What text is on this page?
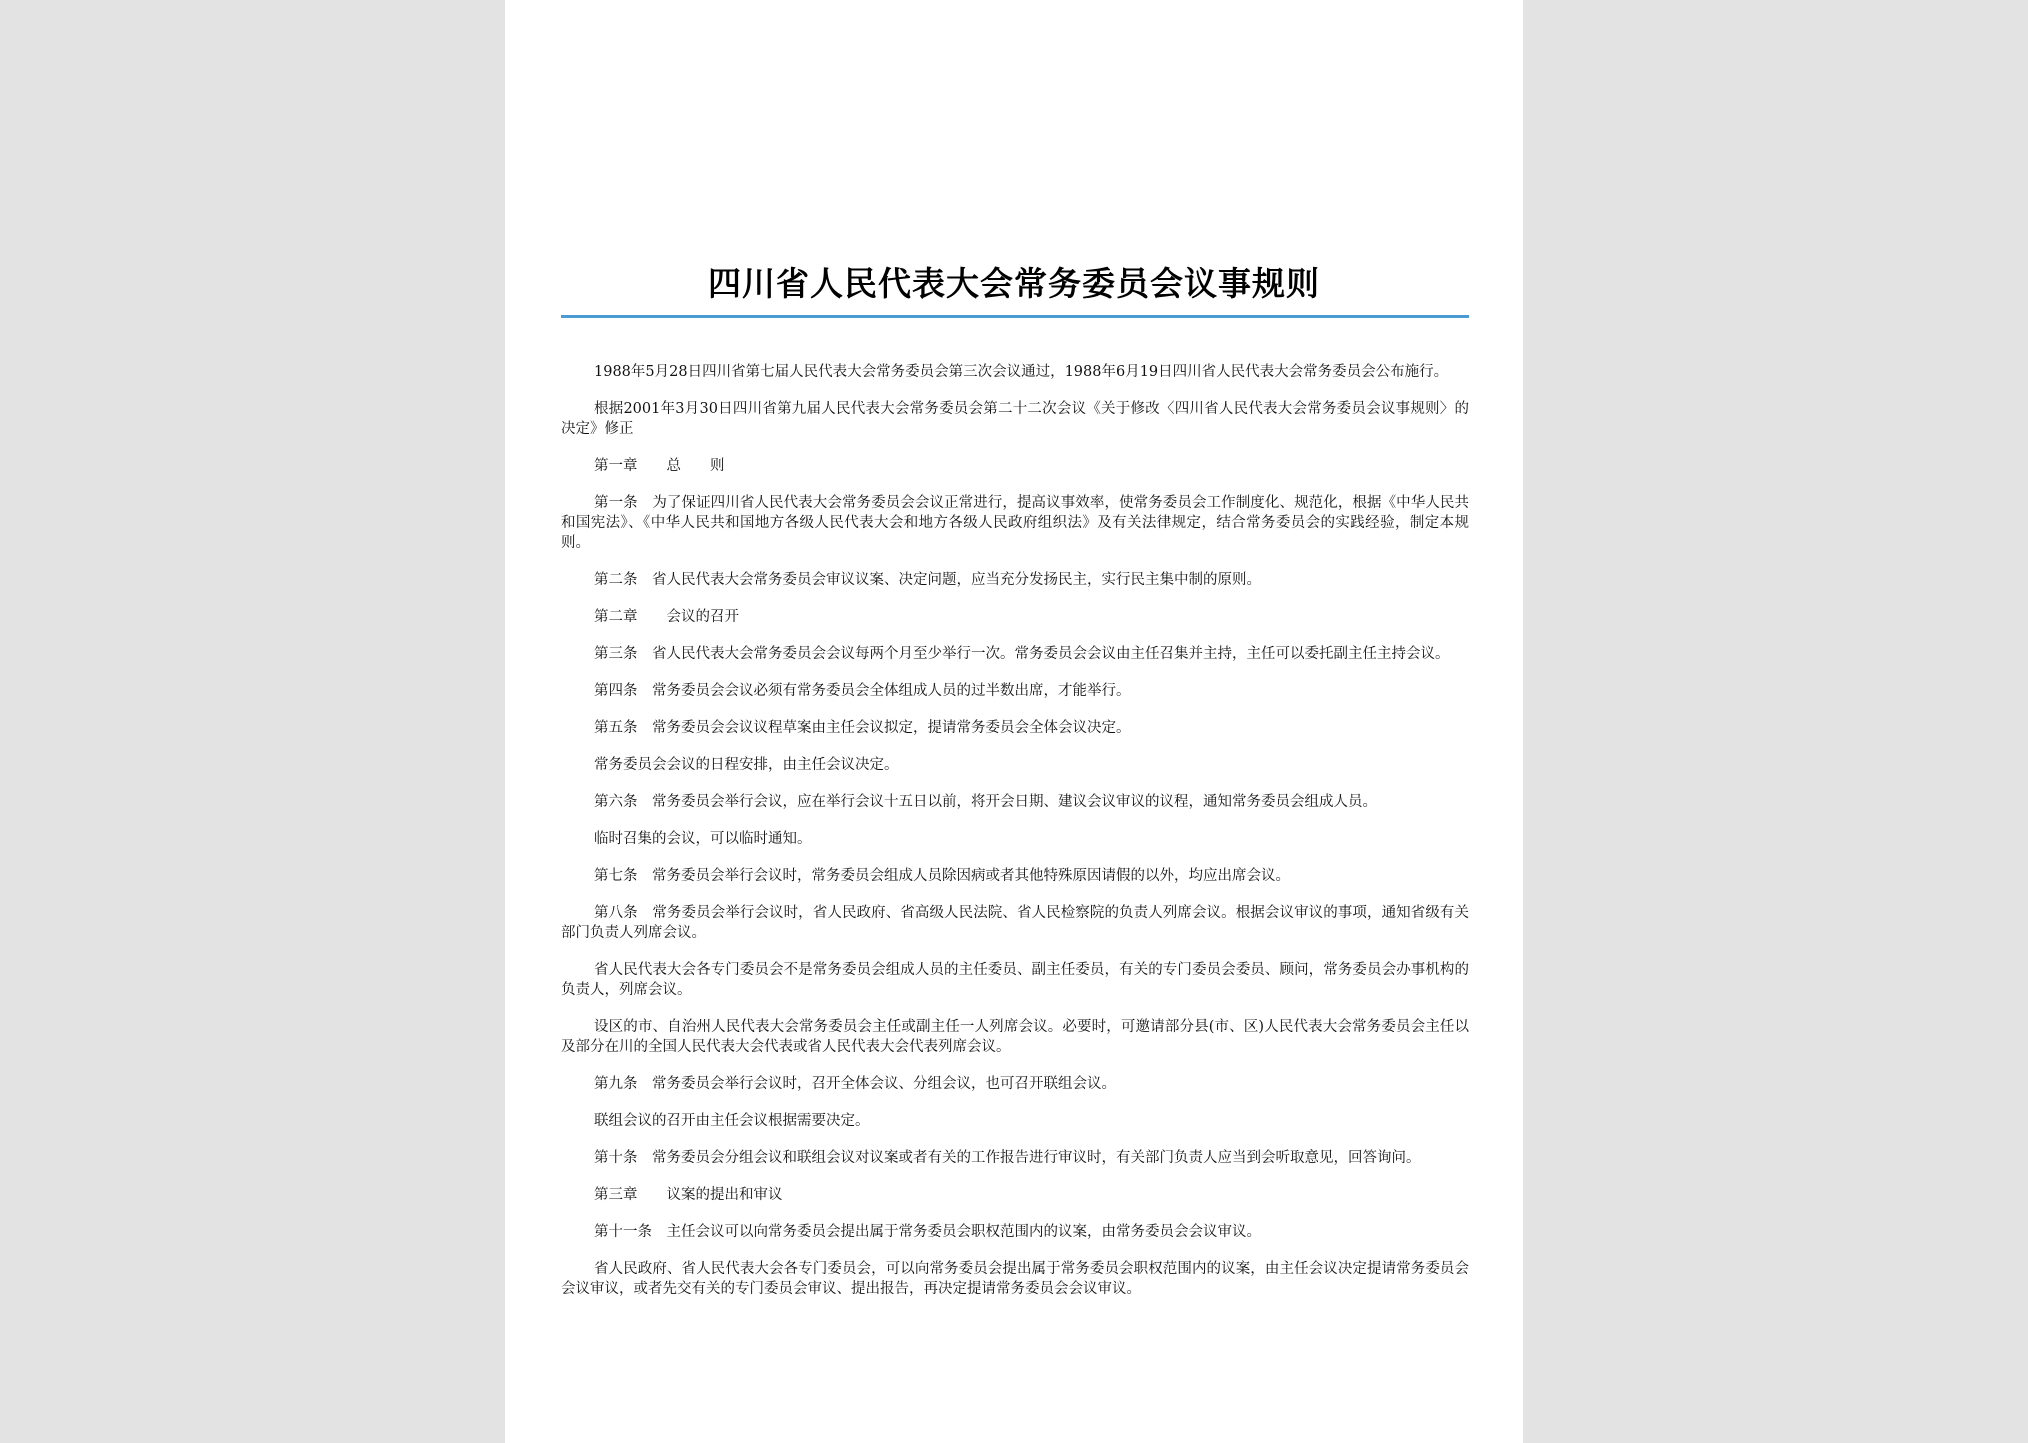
四川省人民代表大会常务委员会议事规则

1988年5月28日四川省第七届人民代表大会常务委员会第三次会议通过，1988年6月19日四川省人民代表大会常务委员会公布施行。

根据2001年3月30日四川省第九届人民代表大会常务委员会第二十二次会议《关于修改〈四川省人民代表大会常务委员会议事规则〉的决定》修正

第一章　　总　　则

第一条　为了保证四川省人民代表大会常务委员会会议正常进行，提高议事效率，使常务委员会工作制度化、规范化，根据《中华人民共和国宪法》、《中华人民共和国地方各级人民代表大会和地方各级人民政府组织法》及有关法律规定，结合常务委员会的实践经验，制定本规则。

第二条　省人民代表大会常务委员会审议议案、决定问题，应当充分发扬民主，实行民主集中制的原则。

第二章　　会议的召开

第三条　省人民代表大会常务委员会会议每两个月至少举行一次。常务委员会会议由主任召集并主持，主任可以委托副主任主持会议。

第四条　常务委员会会议必须有常务委员会全体组成人员的过半数出席，才能举行。

第五条　常务委员会会议议程草案由主任会议拟定，提请常务委员会全体会议决定。

常务委员会会议的日程安排，由主任会议决定。

第六条　常务委员会举行会议，应在举行会议十五日以前，将开会日期、建议会议审议的议程，通知常务委员会组成人员。

临时召集的会议，可以临时通知。

第七条　常务委员会举行会议时，常务委员会组成人员除因病或者其他特殊原因请假的以外，均应出席会议。

第八条　常务委员会举行会议时，省人民政府、省高级人民法院、省人民检察院的负责人列席会议。根据会议审议的事项，通知省级有关部门负责人列席会议。

省人民代表大会各专门委员会不是常务委员会组成人员的主任委员、副主任委员，有关的专门委员会委员、顾问，常务委员会办事机构的负责人，列席会议。

设区的市、自治州人民代表大会常务委员会主任或副主任一人列席会议。必要时，可邀请部分县(市、区)人民代表大会常务委员会主任以及部分在川的全国人民代表大会代表或省人民代表大会代表列席会议。

第九条　常务委员会举行会议时，召开全体会议、分组会议，也可召开联组会议。

联组会议的召开由主任会议根据需要决定。

第十条　常务委员会分组会议和联组会议对议案或者有关的工作报告进行审议时，有关部门负责人应当到会听取意见，回答询问。

第三章　　议案的提出和审议

第十一条　主任会议可以向常务委员会提出属于常务委员会职权范围内的议案，由常务委员会会议审议。

省人民政府、省人民代表大会各专门委员会，可以向常务委员会提出属于常务委员会职权范围内的议案，由主任会议决定提请常务委员会会议审议，或者先交有关的专门委员会审议、提出报告，再决定提请常务委员会会议审议。
